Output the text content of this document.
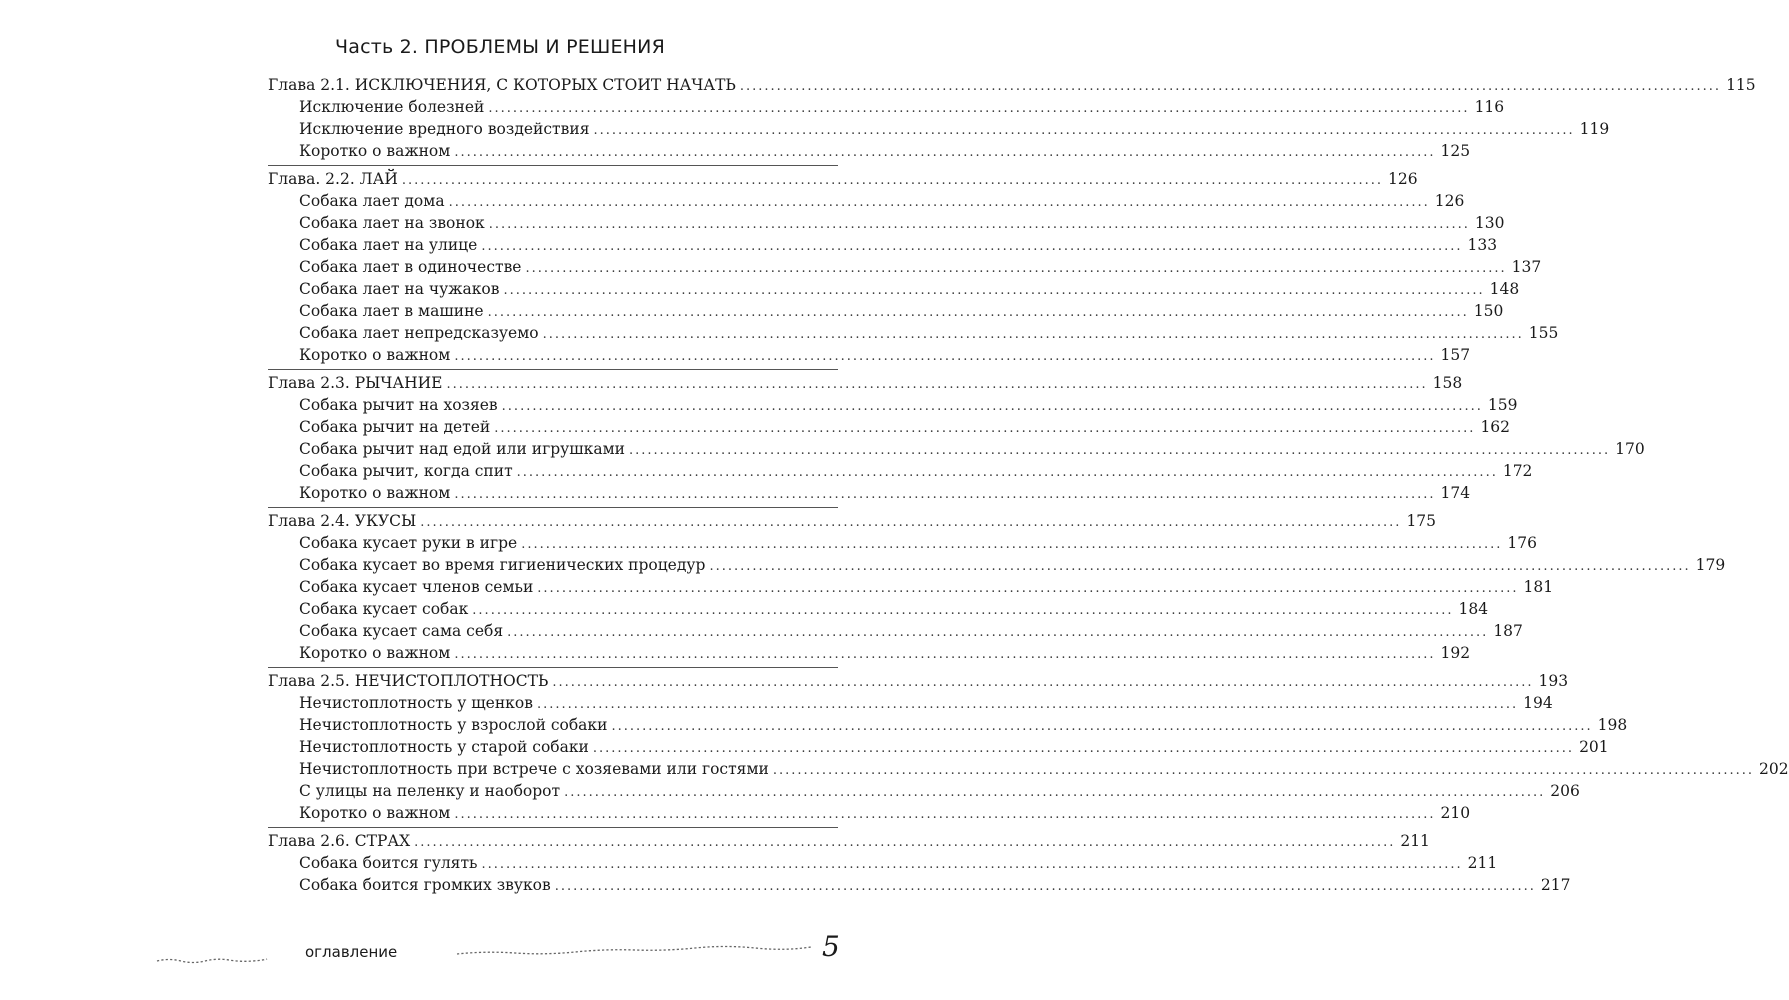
Часть 2. ПРОБЛЕМЫ И РЕШЕНИЯ
Глава 2.1. ИСКЛЮЧЕНИЯ, С КОТОРЫХ СТОИТ НАЧАТЬ ................................................................................................................................................................ 115
Исключение болезней ................................................................................................................................................................ 116
Исключение вредного воздействия ................................................................................................................................................................ 119
Коротко о важном ................................................................................................................................................................ 125
Глава. 2.2. ЛАЙ ................................................................................................................................................................ 126
Собака лает дома ................................................................................................................................................................ 126
Собака лает на звонок ................................................................................................................................................................ 130
Собака лает на улице ................................................................................................................................................................ 133
Собака лает в одиночестве ................................................................................................................................................................ 137
Собака лает на чужаков ................................................................................................................................................................ 148
Собака лает в машине ................................................................................................................................................................ 150
Собака лает непредсказуемо ................................................................................................................................................................ 155
Коротко о важном ................................................................................................................................................................ 157
Глава 2.3. РЫЧАНИЕ ................................................................................................................................................................ 158
Собака рычит на хозяев ................................................................................................................................................................ 159
Собака рычит на детей ................................................................................................................................................................ 162
Собака рычит над едой или игрушками ................................................................................................................................................................ 170
Собака рычит, когда спит ................................................................................................................................................................ 172
Коротко о важном ................................................................................................................................................................ 174
Глава 2.4. УКУСЫ ................................................................................................................................................................ 175
Собака кусает руки в игре ................................................................................................................................................................ 176
Собака кусает во время гигиенических процедур ................................................................................................................................................................ 179
Собака кусает членов семьи ................................................................................................................................................................ 181
Собака кусает собак ................................................................................................................................................................ 184
Собака кусает сама себя ................................................................................................................................................................ 187
Коротко о важном ................................................................................................................................................................ 192
Глава 2.5. НЕЧИСТОПЛОТНОСТЬ ................................................................................................................................................................ 193
Нечистоплотность у щенков ................................................................................................................................................................ 194
Нечистоплотность у взрослой собаки ................................................................................................................................................................ 198
Нечистоплотность у старой собаки ................................................................................................................................................................ 201
Нечистоплотность при встрече с хозяевами или гостями ................................................................................................................................................................ 202
С улицы на пеленку и наоборот ................................................................................................................................................................ 206
Коротко о важном ................................................................................................................................................................ 210
Глава 2.6. СТРАХ ................................................................................................................................................................ 211
Собака боится гулять ................................................................................................................................................................ 211
Собака боится громких звуков ................................................................................................................................................................ 217
оглавление	5
